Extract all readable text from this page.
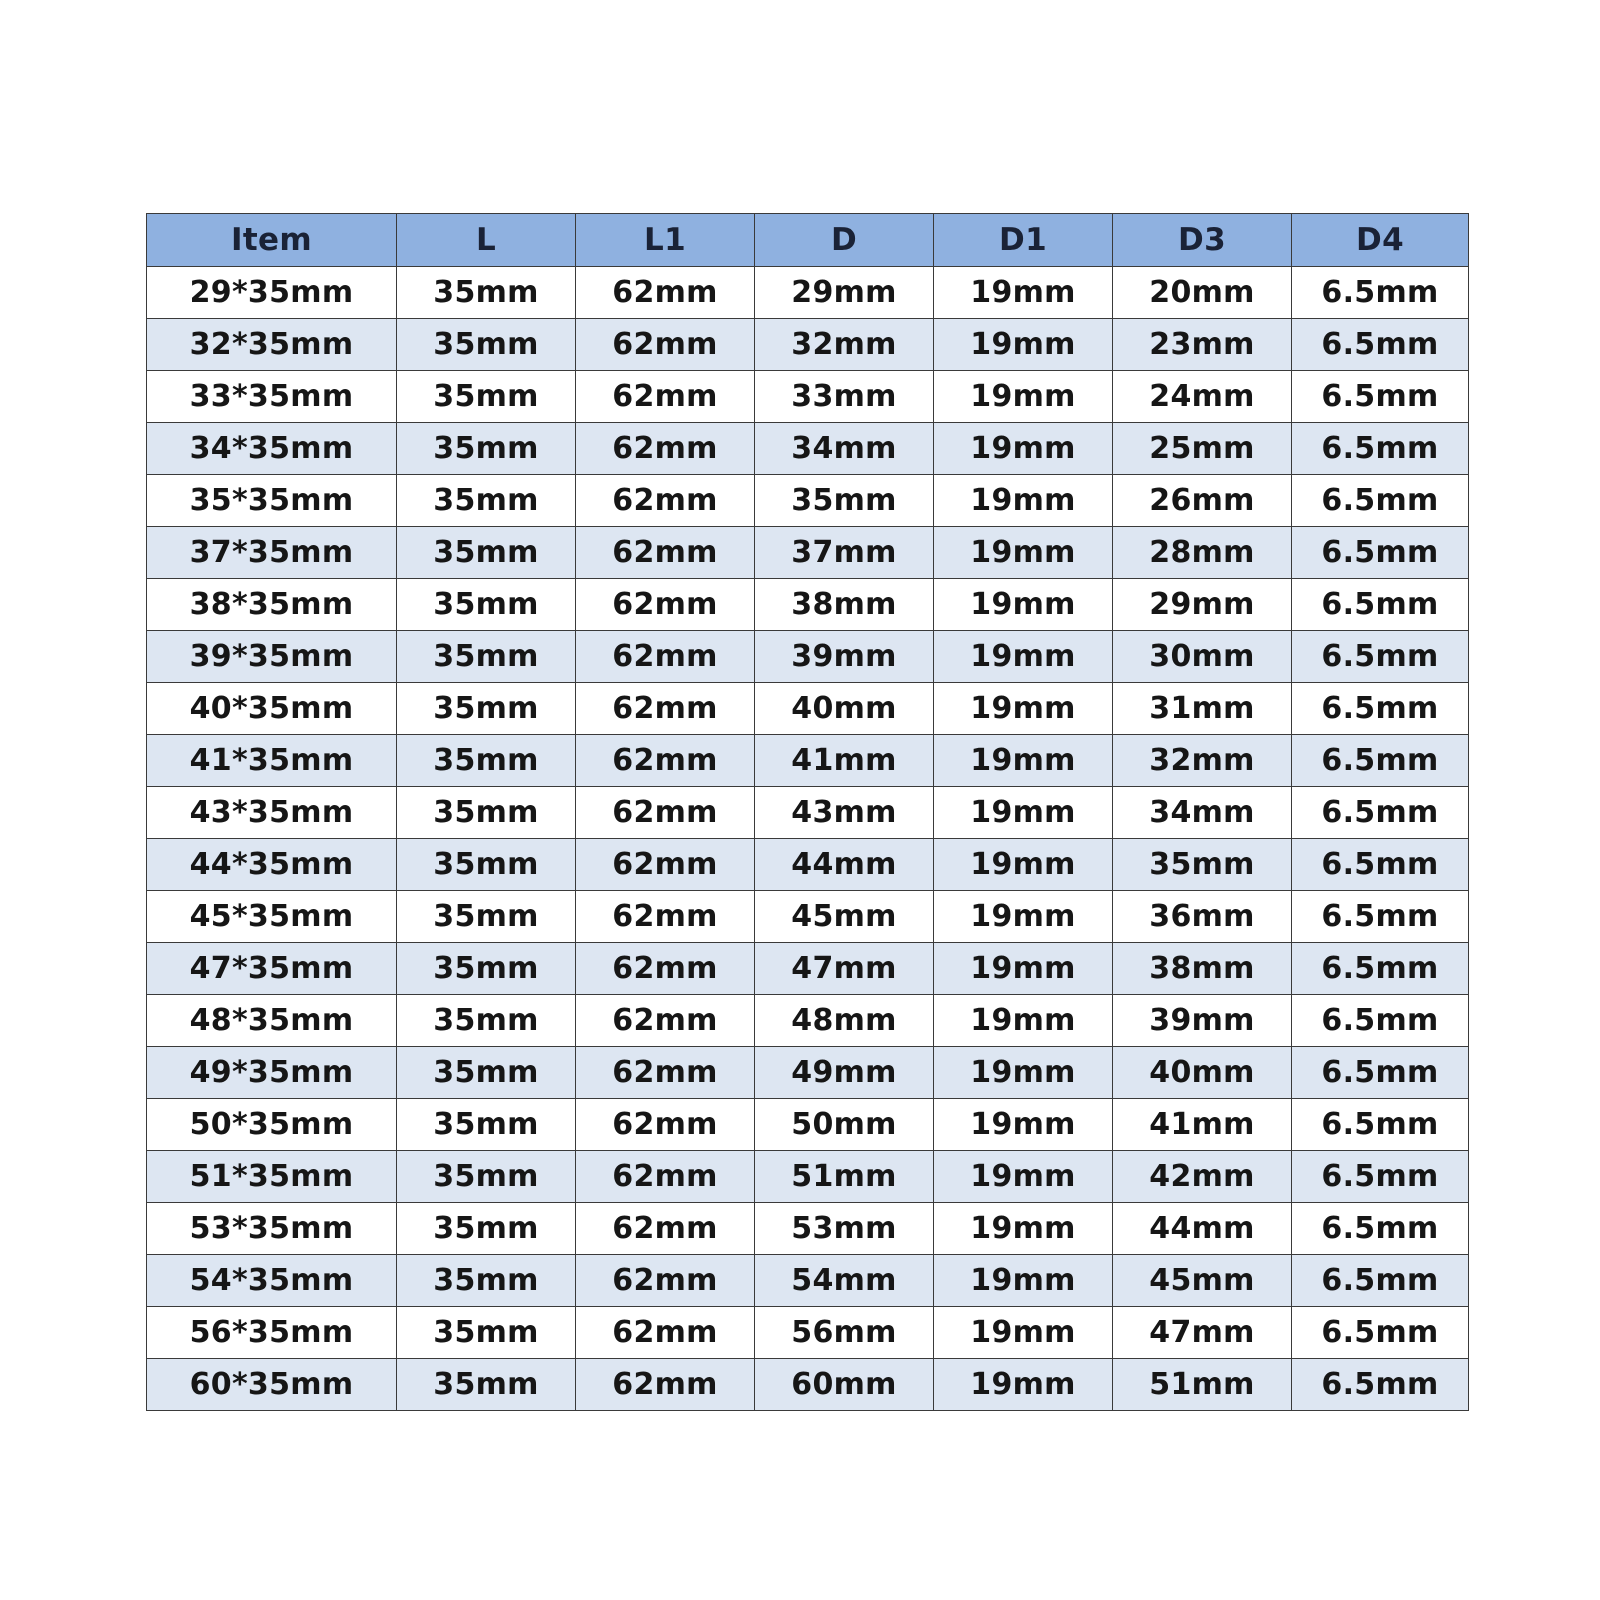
Item	L	L1	D	D1	D3	D4
29*35mm	35mm	62mm	29mm	19mm	20mm	6.5mm
32*35mm	35mm	62mm	32mm	19mm	23mm	6.5mm
33*35mm	35mm	62mm	33mm	19mm	24mm	6.5mm
34*35mm	35mm	62mm	34mm	19mm	25mm	6.5mm
35*35mm	35mm	62mm	35mm	19mm	26mm	6.5mm
37*35mm	35mm	62mm	37mm	19mm	28mm	6.5mm
38*35mm	35mm	62mm	38mm	19mm	29mm	6.5mm
39*35mm	35mm	62mm	39mm	19mm	30mm	6.5mm
40*35mm	35mm	62mm	40mm	19mm	31mm	6.5mm
41*35mm	35mm	62mm	41mm	19mm	32mm	6.5mm
43*35mm	35mm	62mm	43mm	19mm	34mm	6.5mm
44*35mm	35mm	62mm	44mm	19mm	35mm	6.5mm
45*35mm	35mm	62mm	45mm	19mm	36mm	6.5mm
47*35mm	35mm	62mm	47mm	19mm	38mm	6.5mm
48*35mm	35mm	62mm	48mm	19mm	39mm	6.5mm
49*35mm	35mm	62mm	49mm	19mm	40mm	6.5mm
50*35mm	35mm	62mm	50mm	19mm	41mm	6.5mm
51*35mm	35mm	62mm	51mm	19mm	42mm	6.5mm
53*35mm	35mm	62mm	53mm	19mm	44mm	6.5mm
54*35mm	35mm	62mm	54mm	19mm	45mm	6.5mm
56*35mm	35mm	62mm	56mm	19mm	47mm	6.5mm
60*35mm	35mm	62mm	60mm	19mm	51mm	6.5mm
